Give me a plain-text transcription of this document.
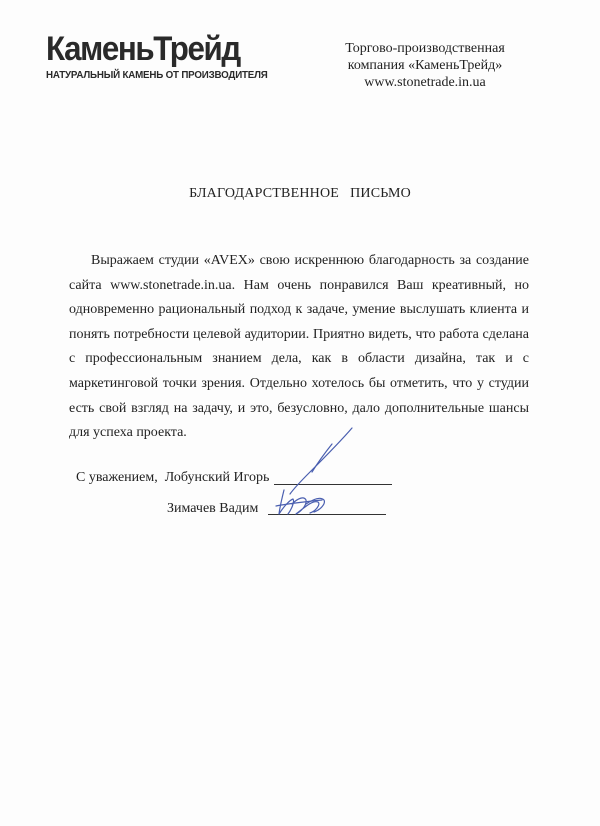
КаменьТрейд
НАТУРАЛЬНЫЙ КАМЕНЬ ОТ ПРОИЗВОДИТЕЛЯ
Торгово-производственная
компания «КаменьТрейд»
www.stonetrade.in.ua
БЛАГОДАРСТВЕННОЕ   ПИСЬМО
Выражаем студии «AVEX» свою искреннюю благодарность за создание
сайта www.stonetrade.in.ua. Нам очень понравился Ваш креативный, но
одновременно рациональный подход к задаче, умение выслушать клиента и
понять потребности целевой аудитории. Приятно видеть, что работа сделана
с профессиональным знанием дела, как в области дизайна, так и с
маркетинговой точки зрения. Отдельно хотелось бы отметить, что у студии
есть свой взгляд на задачу, и это, безусловно, дало дополнительные шансы
для успеха проекта.
С уважением,  Лобунский Игорь
Зимачев Вадим
